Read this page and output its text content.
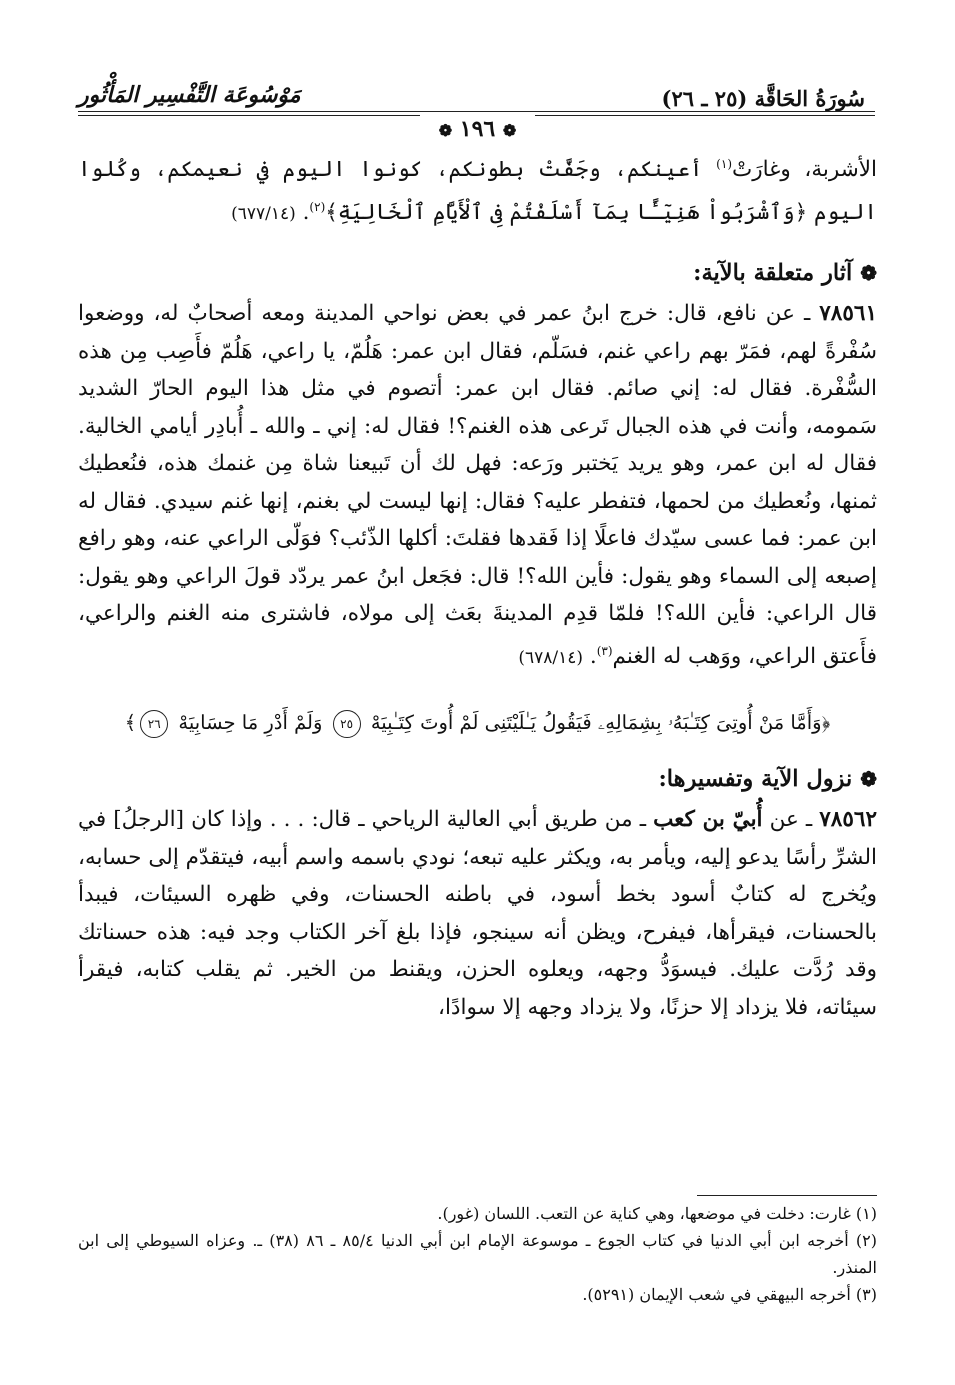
سُورَةُ الحَاقَّة (٢٥ ـ ٢٦)
مَوْسُوعَة التَّفْسِير المَأْثُور
❁ ١٩٦ ❁

الأشربة، وغارَتْ$^{(١)}$ أعينكم، وجَفَّتْ بطونكم، كونوا اليوم في نعيمكم، وكُلوا اليوم ﴿وَٱشْرَبُواْ هَنِيٓـًٔا بِمَآ أَسْلَفْتُمْ فِى ٱلْأَيَّامِ ٱلْخَالِيَةِ﴾$^{(٢)}$. (٦٧٧/١٤)

❁آثار متعلقة بالآية:

٧٨٥٦١ ـ عن نافع، قال: خرج ابنُ عمر في بعض نواحي المدينة ومعه أصحابٌ له، ووضعوا سُفْرةً لهم، فمَرّ بهم راعي غنم، فسَلّم، فقال ابن عمر: هَلُمّ، يا راعي، هَلُمّ فأَصِب مِن هذه السُّفْرة. فقال له: إني صائم. فقال ابن عمر: أتصوم في مثل هذا اليوم الحارّ الشديد سَمومه، وأنت في هذه الجبال تَرعى هذه الغنم؟! فقال له: إني ـ والله ـ أُبادِر أيامي الخالية. فقال له ابن عمر، وهو يريد يَختبر ورَعه: فهل لك أن تَبيعنا شاة مِن غنمك هذه، فنُعطيك ثمنها، ونُعطيك من لحمها، فتفطر عليه؟ فقال: إنها ليست لي بغنم، إنها غنم سيدي. فقال له ابن عمر: فما عسى سيّدك فاعلًا إذا فَقدها فقلتَ: أكلها الذّئب؟ فوَلّى الراعي عنه، وهو رافع إصبعه إلى السماء وهو يقول: فأين الله؟! قال: فجَعل ابنُ عمر يردّد قولَ الراعي وهو يقول: قال الراعي: فأين الله؟! فلمّا قدِم المدينةَ بعَث إلى مولاه، فاشترى منه الغنم والراعي، فأَعتق الراعي، ووَهب له الغنم$^{(٣)}$. (٦٧٨/١٤)

﴿وَأَمَّا مَنْ أُوتِىَ كِتَـٰبَهُۥ بِشِمَالِهِۦ فَيَقُولُ يَـٰلَيْتَنِى لَمْ أُوتَ كِتَـٰبِيَهْ ٢٥ وَلَمْ أَدْرِ مَا حِسَابِيَهْ ٢٦﴾
❁نزول الآية وتفسيرها:

٧٨٥٦٢ ـ عن أُبيّ بن كعب ـ من طريق أبي العالية الرياحي ـ قال: . . . وإذا كان [الرجلُ] في الشرِّ رأسًا يدعو إليه، ويأمر به، ويكثر عليه تبعه؛ نودي باسمه واسم أبيه، فيتقدّم إلى حسابه، ويُخرج له كتابٌ أسود بخط أسود، في باطنه الحسنات، وفي ظهره السيئات، فيبدأ بالحسنات، فيقرأها، فيفرح، ويظن أنه سينجو، فإذا بلغ آخر الكتاب وجد فيه: هذه حسناتك وقد رُدَّت عليك. فيسوَدُّ وجهه، ويعلوه الحزن، ويقنط من الخير. ثم يقلب كتابه، فيقرأ سيئاته، فلا يزداد إلا حزنًا، ولا يزداد وجهه إلا سوادًا،

(١) غارت: دخلت في موضعها، وهي كناية عن التعب. اللسان (غور).

(٢) أخرجه ابن أبي الدنيا في كتاب الجوع ـ موسوعة الإمام ابن أبي الدنيا ٨٥/٤ ـ ٨٦ (٣٨) ـ. وعزاه السيوطي إلى ابن المنذر.

(٣) أخرجه البيهقي في شعب الإيمان (٥٢٩١).
